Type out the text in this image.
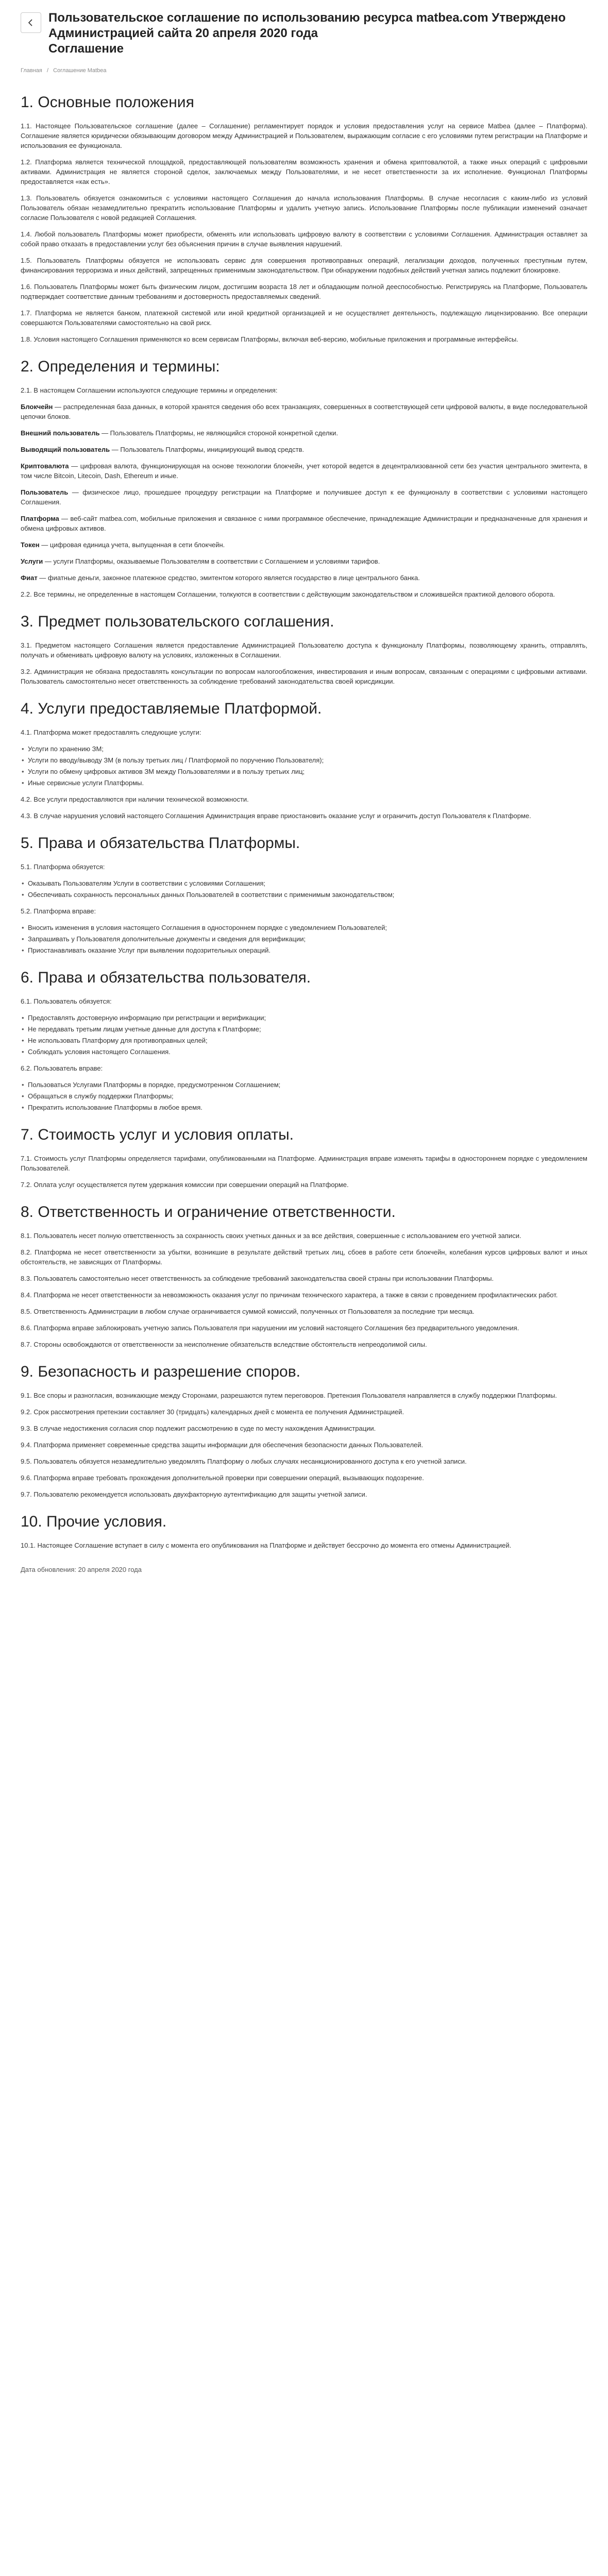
Пользовательское соглашение по использованию ресурса matbea.com Утверждено
Администрацией сайта 20 апреля 2020 года
Соглашение
Главная / Соглашение Matbea
1. Основные положения

1.1. Настоящее Пользовательское соглашение (далее – Соглашение) регламентирует порядок и условия предоставления услуг на сервисе Matbea (далее – Платформа). Соглашение является юридически обязывающим договором между Администрацией и Пользователем, выражающим согласие с его условиями путем регистрации на Платформе и использования ее функционала.

1.2. Платформа является технической площадкой, предоставляющей пользователям возможность хранения и обмена криптовалютой, а также иных операций с цифровыми активами. Администрация не является стороной сделок, заключаемых между Пользователями, и не несет ответственности за их исполнение. Функционал Платформы предоставляется «как есть».

1.3. Пользователь обязуется ознакомиться с условиями настоящего Соглашения до начала использования Платформы. В случае несогласия с каким-либо из условий Пользователь обязан незамедлительно прекратить использование Платформы и удалить учетную запись. Использование Платформы после публикации изменений означает согласие Пользователя с новой редакцией Соглашения.

1.4. Любой пользователь Платформы может приобрести, обменять или использовать цифровую валюту в соответствии с условиями Соглашения. Администрация оставляет за собой право отказать в предоставлении услуг без объяснения причин в случае выявления нарушений.

1.5. Пользователь Платформы обязуется не использовать сервис для совершения противоправных операций, легализации доходов, полученных преступным путем, финансирования терроризма и иных действий, запрещенных применимым законодательством. При обнаружении подобных действий учетная запись подлежит блокировке.

1.6. Пользователь Платформы может быть физическим лицом, достигшим возраста 18 лет и обладающим полной дееспособностью. Регистрируясь на Платформе, Пользователь подтверждает соответствие данным требованиям и достоверность предоставляемых сведений.

1.7. Платформа не является банком, платежной системой или иной кредитной организацией и не осуществляет деятельность, подлежащую лицензированию. Все операции совершаются Пользователями самостоятельно на свой риск.

1.8. Условия настоящего Соглашения применяются ко всем сервисам Платформы, включая веб-версию, мобильные приложения и программные интерфейсы.

2. Определения и термины:

2.1. В настоящем Соглашении используются следующие термины и определения:

Блокчейн — распределенная база данных, в которой хранятся сведения обо всех транзакциях, совершенных в соответствующей сети цифровой валюты, в виде последовательной цепочки блоков.

Внешний пользователь — Пользователь Платформы, не являющийся стороной конкретной сделки.

Выводящий пользователь — Пользователь Платформы, инициирующий вывод средств.

Криптовалюта — цифровая валюта, функционирующая на основе технологии блокчейн, учет которой ведется в децентрализованной сети без участия центрального эмитента, в том числе Bitcoin, Litecoin, Dash, Ethereum и иные.

Пользователь — физическое лицо, прошедшее процедуру регистрации на Платформе и получившее доступ к ее функционалу в соответствии с условиями настоящего Соглашения.

Платформа — веб-сайт matbea.com, мобильные приложения и связанное с ними программное обеспечение, принадлежащие Администрации и предназначенные для хранения и обмена цифровых активов.

Токен — цифровая единица учета, выпущенная в сети блокчейн.

Услуги — услуги Платформы, оказываемые Пользователям в соответствии с Соглашением и условиями тарифов.

Фиат — фиатные деньги, законное платежное средство, эмитентом которого является государство в лице центрального банка.

2.2. Все термины, не определенные в настоящем Соглашении, толкуются в соответствии с действующим законодательством и сложившейся практикой делового оборота.

3. Предмет пользовательского соглашения.

3.1. Предметом настоящего Соглашения является предоставление Администрацией Пользователю доступа к функционалу Платформы, позволяющему хранить, отправлять, получать и обменивать цифровую валюту на условиях, изложенных в Соглашении.

3.2. Администрация не обязана предоставлять консультации по вопросам налогообложения, инвестирования и иным вопросам, связанным с операциями с цифровыми активами. Пользователь самостоятельно несет ответственность за соблюдение требований законодательства своей юрисдикции.

4. Услуги предоставляемые Платформой.

4.1. Платформа может предоставлять следующие услуги:

• Услуги по хранению ЗМ;
• Услуги по вводу/выводу ЗМ (в пользу третьих лиц / Платформой по поручению Пользователя);
• Услуги по обмену цифровых активов ЗМ между Пользователями и в пользу третьих лиц;
• Иные сервисные услуги Платформы.

4.2. Все услуги предоставляются при наличии технической возможности.

4.3. В случае нарушения условий настоящего Соглашения Администрация вправе приостановить оказание услуг и ограничить доступ Пользователя к Платформе.

5. Права и обязательства Платформы.

5.1. Платформа обязуется:

• Оказывать Пользователям Услуги в соответствии с условиями Соглашения;
• Обеспечивать сохранность персональных данных Пользователей в соответствии с применимым законодательством;

5.2. Платформа вправе:

• Вносить изменения в условия настоящего Соглашения в одностороннем порядке с уведомлением Пользователей;
• Запрашивать у Пользователя дополнительные документы и сведения для верификации;
• Приостанавливать оказание Услуг при выявлении подозрительных операций.
6. Права и обязательства пользователя.

6.1. Пользователь обязуется:

• Предоставлять достоверную информацию при регистрации и верификации;
• Не передавать третьим лицам учетные данные для доступа к Платформе;
• Не использовать Платформу для противоправных целей;
• Соблюдать условия настоящего Соглашения.

6.2. Пользователь вправе:

• Пользоваться Услугами Платформы в порядке, предусмотренном Соглашением;
• Обращаться в службу поддержки Платформы;
• Прекратить использование Платформы в любое время.
7. Стоимость услуг и условия оплаты.

7.1. Стоимость услуг Платформы определяется тарифами, опубликованными на Платформе. Администрация вправе изменять тарифы в одностороннем порядке с уведомлением Пользователей.

7.2. Оплата услуг осуществляется путем удержания комиссии при совершении операций на Платформе.

8. Ответственность и ограничение ответственности.

8.1. Пользователь несет полную ответственность за сохранность своих учетных данных и за все действия, совершенные с использованием его учетной записи.

8.2. Платформа не несет ответственности за убытки, возникшие в результате действий третьих лиц, сбоев в работе сети блокчейн, колебания курсов цифровых валют и иных обстоятельств, не зависящих от Платформы.

8.3. Пользователь самостоятельно несет ответственность за соблюдение требований законодательства своей страны при использовании Платформы.

8.4. Платформа не несет ответственности за невозможность оказания услуг по причинам технического характера, а также в связи с проведением профилактических работ.

8.5. Ответственность Администрации в любом случае ограничивается суммой комиссий, полученных от Пользователя за последние три месяца.

8.6. Платформа вправе заблокировать учетную запись Пользователя при нарушении им условий настоящего Соглашения без предварительного уведомления.

8.7. Стороны освобождаются от ответственности за неисполнение обязательств вследствие обстоятельств непреодолимой силы.

9. Безопасность и разрешение споров.

9.1. Все споры и разногласия, возникающие между Сторонами, разрешаются путем переговоров. Претензия Пользователя направляется в службу поддержки Платформы.

9.2. Срок рассмотрения претензии составляет 30 (тридцать) календарных дней с момента ее получения Администрацией.

9.3. В случае недостижения согласия спор подлежит рассмотрению в суде по месту нахождения Администрации.

9.4. Платформа применяет современные средства защиты информации для обеспечения безопасности данных Пользователей.

9.5. Пользователь обязуется незамедлительно уведомлять Платформу о любых случаях несанкционированного доступа к его учетной записи.

9.6. Платформа вправе требовать прохождения дополнительной проверки при совершении операций, вызывающих подозрение.

9.7. Пользователю рекомендуется использовать двухфакторную аутентификацию для защиты учетной записи.

10. Прочие условия.

10.1. Настоящее Соглашение вступает в силу с момента его опубликования на Платформе и действует бессрочно до момента его отмены Администрацией.

Дата обновления: 20 апреля 2020 года
